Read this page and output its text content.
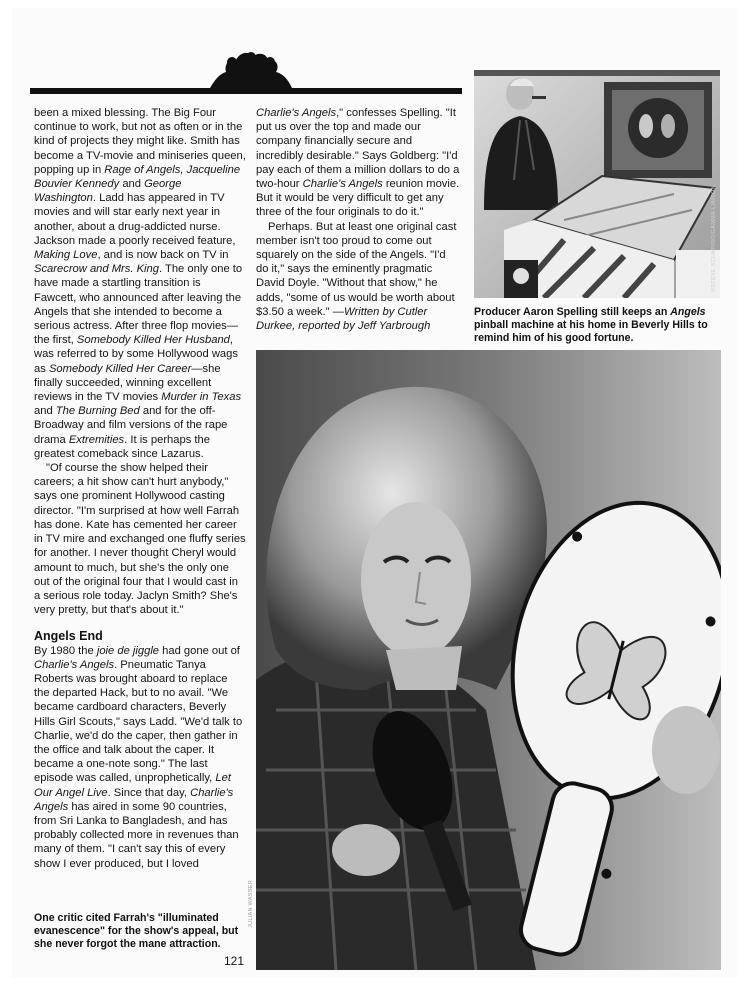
been a mixed blessing. The Big Four continue to work, but not as often or in the kind of projects they might like. Smith has become a TV-movie and miniseries queen, popping up in Rage of Angels, Jacqueline Bouvier Kennedy and George Washington. Ladd has appeared in TV movies and will star early next year in another, about a drug-addicted nurse. Jackson made a poorly received feature, Making Love, and is now back on TV in Scarecrow and Mrs. King. The only one to have made a startling transition is Fawcett, who announced after leaving the Angels that she intended to become a serious actress. After three flop movies—the first, Somebody Killed Her Husband, was referred to by some Hollywood wags as Somebody Killed Her Career—she finally succeeded, winning excellent reviews in the TV movies Murder in Texas and The Burning Bed and for the off-Broadway and film versions of the rape drama Extremities. It is perhaps the greatest comeback since Lazarus.

"Of course the show helped their careers; a hit show can't hurt anybody," says one prominent Hollywood casting director. "I'm surprised at how well Farrah has done. Kate has cemented her career in TV mire and exchanged one fluffy series for another. I never thought Cheryl would amount to much, but she's the only one out of the original four that I would cast in a serious role today. Jaclyn Smith? She's very pretty, but that's about it."

Angels End

By 1980 the joie de jiggle had gone out of Charlie's Angels. Pneumatic Tanya Roberts was brought aboard to replace the departed Hack, but to no avail. "We became cardboard characters, Beverly Hills Girl Scouts," says Ladd. "We'd talk to Charlie, we'd do the caper, then gather in the office and talk about the caper. It became a one-note song." The last episode was called, unprophetically, Let Our Angel Live. Since that day, Charlie's Angels has aired in some 90 countries, from Sri Lanka to Bangladesh, and has probably collected more in revenues than many of them. "I can't say this of every show I ever produced, but I loved

Charlie's Angels," confesses Spelling. "It put us over the top and made our company financially secure and incredibly desirable." Says Goldberg: "I'd pay each of them a million dollars to do a two-hour Charlie's Angels reunion movie. But it would be very difficult to get any three of the four originals to do it."

Perhaps. But at least one original cast member isn't too proud to come out squarely on the side of the Angels. "I'd do it," says the eminently pragmatic David Doyle. "Without that show," he adds, "some of us would be worth about $3.50 a week." —Written by Cutler Durkee, reported by Jeff Yarbrough

©STEVE SCHAPIRO/GAMMA-LIAISON
Producer Aaron Spelling still keeps an Angels pinball machine at his home in Beverly Hills to remind him of his good fortune.
JULIAN WASSER
One critic cited Farrah's "illuminated evanescence" for the show's appeal, but she never forgot the mane attraction.
121
